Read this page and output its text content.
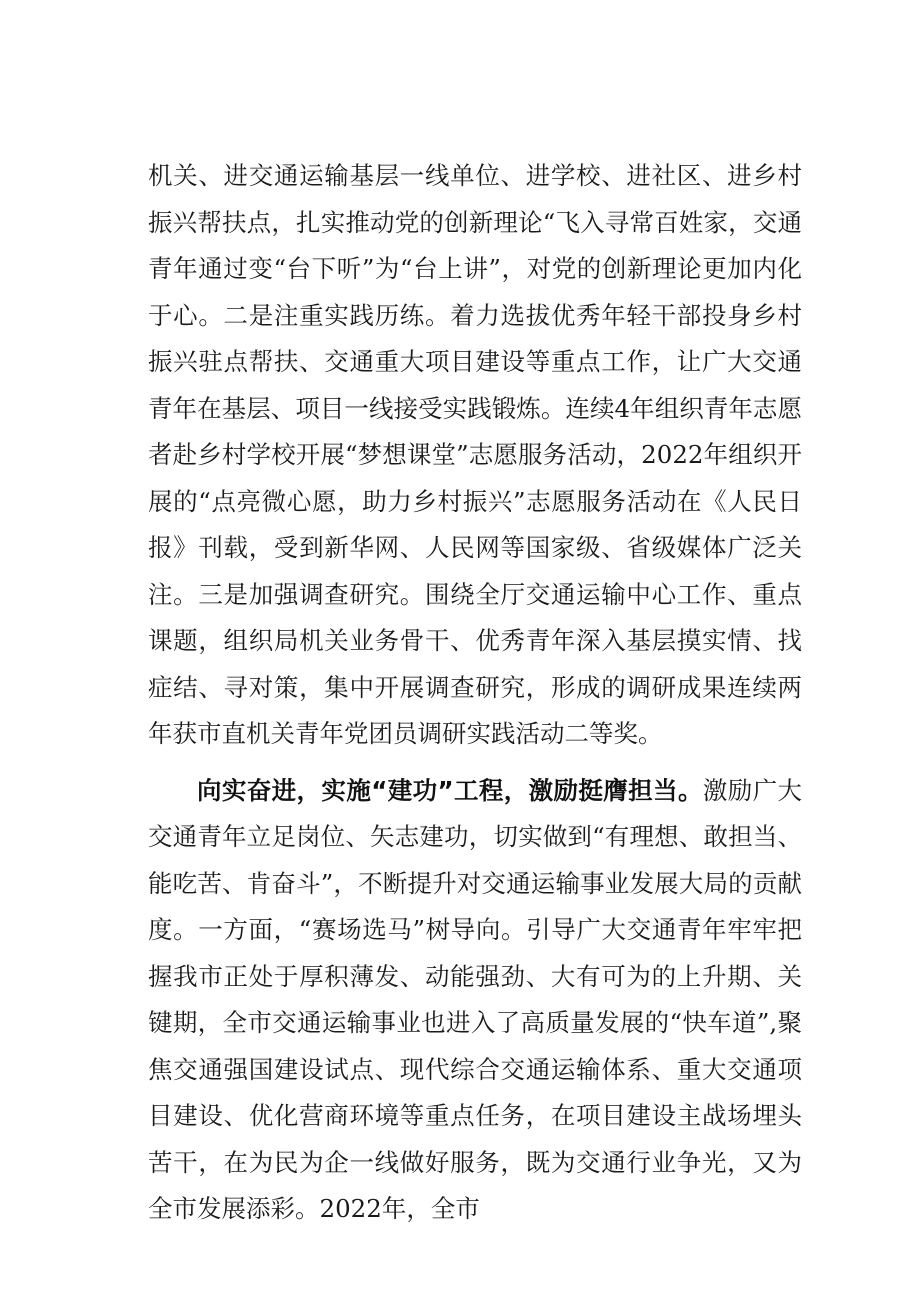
机关、进交通运输基层一线单位、进学校、进社区、进乡村振兴帮扶点，扎实推动党的创新理论“飞入寻常百姓家，交通青年通过变“台下听”为“台上讲”，对党的创新理论更加内化于心。二是注重实践历练。着力选拔优秀年轻干部投身乡村振兴驻点帮扶、交通重大项目建设等重点工作，让广大交通青年在基层、项目一线接受实践锻炼。连续4年组织青年志愿者赴乡村学校开展“梦想课堂”志愿服务活动，2022年组织开展的“点亮微心愿，助力乡村振兴”志愿服务活动在《人民日报》刊载，受到新华网、人民网等国家级、省级媒体广泛关注。三是加强调查研究。围绕全厅交通运输中心工作、重点课题，组织局机关业务骨干、优秀青年深入基层摸实情、找症结、寻对策，集中开展调查研究，形成的调研成果连续两年获市直机关青年党团员调研实践活动二等奖。

向实奋进，实施“建功”工程，激励挺膺担当。激励广大交通青年立足岗位、矢志建功，切实做到“有理想、敢担当、能吃苦、肯奋斗”，不断提升对交通运输事业发展大局的贡献度。一方面，“赛场选马”树导向。引导广大交通青年牢牢把握我市正处于厚积薄发、动能强劲、大有可为的上升期、关键期，全市交通运输事业也进入了高质量发展的“快车道”,聚焦交通强国建设试点、现代综合交通运输体系、重大交通项目建设、优化营商环境等重点任务，在项目建设主战场埋头苦干，在为民为企一线做好服务，既为交通行业争光，又为全市发展添彩。2022年，全市
